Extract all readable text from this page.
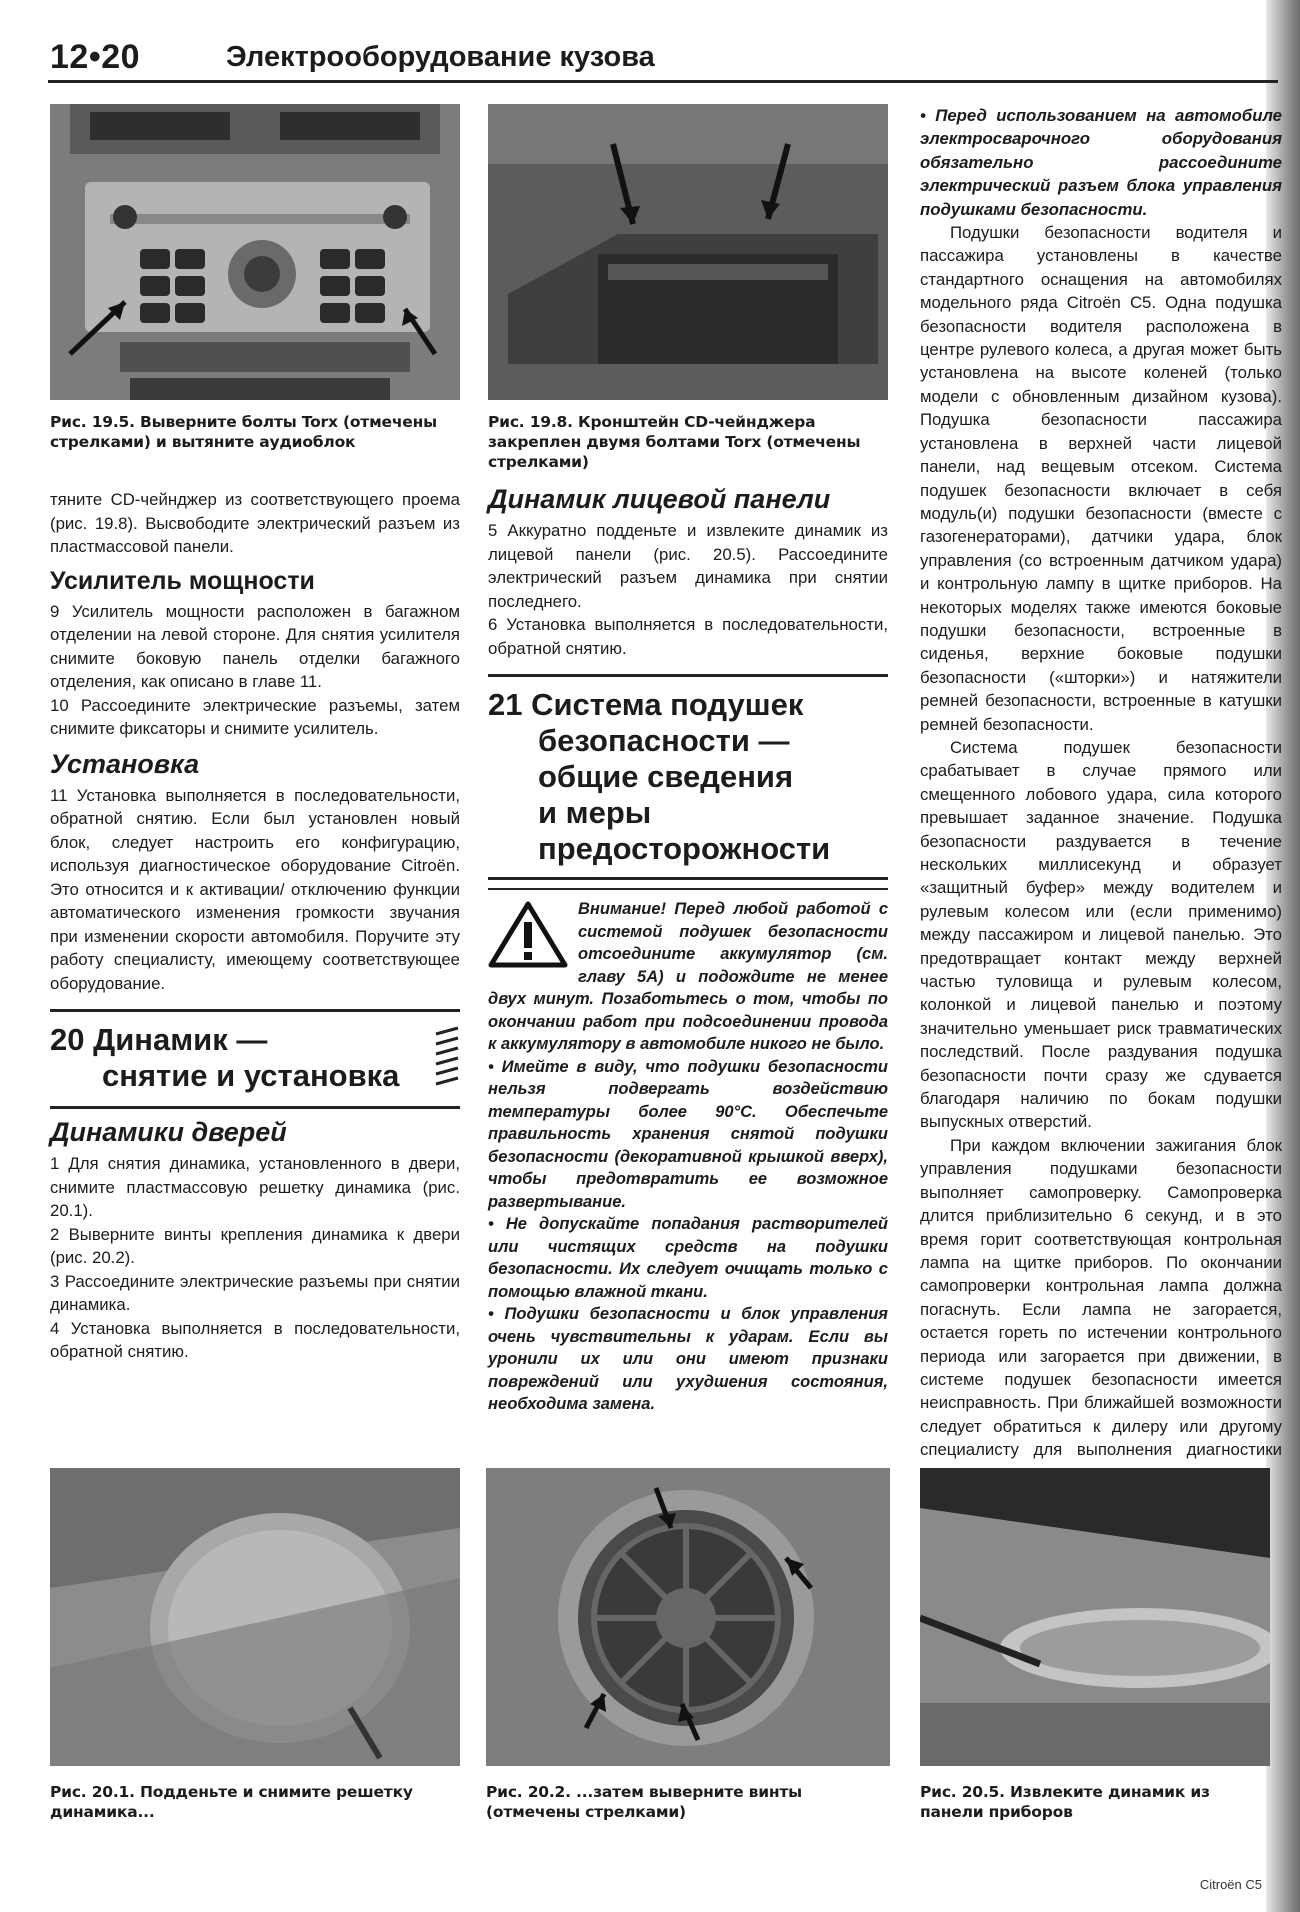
12•20	Электрооборудование кузова
Рис. 19.5. Выверните болты Torx (отмечены стрелками) и вытяните аудиоблок
Рис. 19.8. Кронштейн CD-чейнджера закреплен двумя болтами Torx (отмечены стрелками)

тяните CD-чейнджер из соответствующего проема (рис. 19.8). Высвободите электрический разъем из пластмассовой панели.

Усилитель мощности

9 Усилитель мощности расположен в багажном отделении на левой стороне. Для снятия усилителя снимите боковую панель отделки багажного отделения, как описано в главе 11.

10 Рассоедините электрические разъемы, затем снимите фиксаторы и снимите усилитель.

Установка

11 Установка выполняется в последовательности, обратной снятию. Если был установлен новый блок, следует настроить его конфигурацию, используя диагностическое оборудование Citroën. Это относится и к активации/ отключению функции автоматического изменения громкости звучания при изменении скорости автомобиля. Поручите эту работу специалисту, имеющему соответствующее оборудование.

20 Динамик —
снятие и установка
Динамики дверей

1 Для снятия динамика, установленного в двери, снимите пластмассовую решетку динамика (рис. 20.1).

2 Выверните винты крепления динамика к двери (рис. 20.2).

3 Рассоедините электрические разъемы при снятии динамика.

4 Установка выполняется в последовательности, обратной снятию.

Динамик лицевой панели

5 Аккуратно подденьте и извлеките динамик из лицевой панели (рис. 20.5). Рассоедините электрический разъем динамика при снятии последнего.

6 Установка выполняется в последовательности, обратной снятию.

21 Система подушек
безопасности —
общие сведения
и меры
предосторожности

Внимание! Перед любой работой с системой подушек безопасности отсоедините аккумулятор (см. главу 5А) и подождите не менее двух минут. Позаботьтесь о том, чтобы по окончании работ при подсоединении провода к аккумулятору в автомобиле никого не было.

• Имейте в виду, что подушки безопасности нельзя подвергать воздействию температуры более 90°C. Обеспечьте правильность хранения снятой подушки безопасности (декоративной крышкой вверх), чтобы предотвратить ее возможное развертывание.

• Не допускайте попадания растворителей или чистящих средств на подушки безопасности. Их следует очищать только с помощью влажной ткани.

• Подушки безопасности и блок управления очень чувствительны к ударам. Если вы уронили их или они имеют признаки повреждений или ухудшения состояния, необходима замена.

• Перед использованием на автомобиле электросварочного оборудования обязательно рассоедините электрический разъем блока управления подушками безопасности.

Подушки безопасности водителя и пассажира установлены в качестве стандартного оснащения на автомобилях модельного ряда Citroën C5. Одна подушка безопасности водителя расположена в центре рулевого колеса, а другая может быть установлена на высоте коленей (только модели с обновленным дизайном кузова). Подушка безопасности пассажира установлена в верхней части лицевой панели, над вещевым отсеком. Система подушек безопасности включает в себя модуль(и) подушки безопасности (вместе с газогенераторами), датчики удара, блок управления (со встроенным датчиком удара) и контрольную лампу в щитке приборов. На некоторых моделях также имеются боковые подушки безопасности, встроенные в сиденья, верхние боковые подушки безопасности («шторки») и натяжители ремней безопасности, встроенные в катушки ремней безопасности.

Система подушек безопасности срабатывает в случае прямого или смещенного лобового удара, сила которого превышает заданное значение. Подушка безопасности раздувается в течение нескольких миллисекунд и образует «защитный буфер» между водителем и рулевым колесом или (если применимо) между пассажиром и лицевой панелью. Это предотвращает контакт между верхней частью туловища и рулевым колесом, колонкой и лицевой панелью и поэтому значительно уменьшает риск травматических последствий. После раздувания подушка безопасности почти сразу же сдувается благодаря наличию по бокам подушки выпускных отверстий.

При каждом включении зажигания блок управления подушками безопасности выполняет самопроверку. Самопроверка длится приблизительно 6 секунд, и в это время горит соответствующая контрольная лампа на щитке приборов. По окончании самопроверки контрольная лампа должна погаснуть. Если лампа не загорается, остается гореть по истечении контрольного периода или загорается при движении, в системе подушек безопасности имеется неисправность. При ближайшей возможности следует обратиться к дилеру или другому специалисту для выполнения диагностики

Рис. 20.1. Подденьте и снимите решетку динамика...
Рис. 20.2. ...затем выверните винты (отмечены стрелками)
Рис. 20.5. Извлеките динамик из панели приборов
Citroën C5
